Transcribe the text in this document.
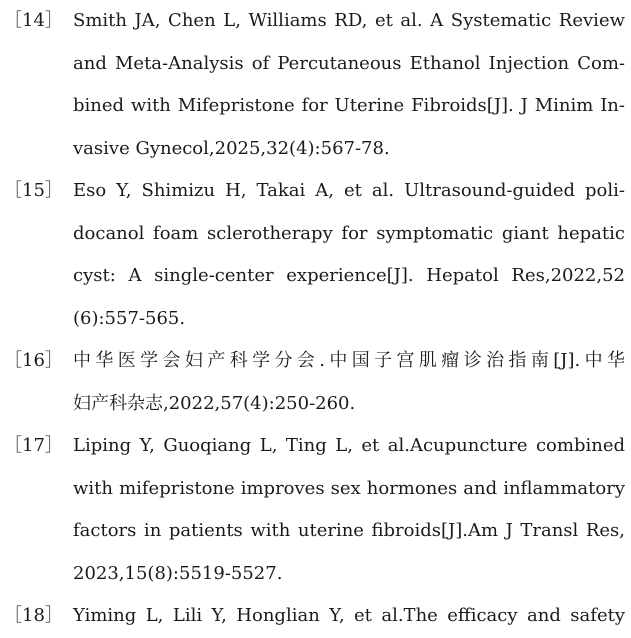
［14］ Smith JA, Chen L, Williams RD, et al. A Systematic Review
and Meta-Analysis of Percutaneous Ethanol Injection Com-
bined with Mifepristone for Uterine Fibroids[J]. J Minim In-
vasive Gynecol,2025,32(4):567-78.
［15］ Eso Y, Shimizu H, Takai A, et al. Ultrasound-guided poli-
docanol foam sclerotherapy for symptomatic giant hepatic
cyst: A single-center experience[J]. Hepatol Res,2022,52
(6):557-565.
［16］ 中华医学会妇产科学分会.中国子宫肌瘤诊治指南[J].中华
妇产科杂志,2022,57(4):250-260.
［17］ Liping Y, Guoqiang L, Ting L, et al.Acupuncture combined
with mifepristone improves sex hormones and inflammatory
factors in patients with uterine fibroids[J].Am J Transl Res,
2023,15(8):5519-5527.
［18］ Yiming L, Lili Y, Honglian Y, et al.The efficacy and safety
